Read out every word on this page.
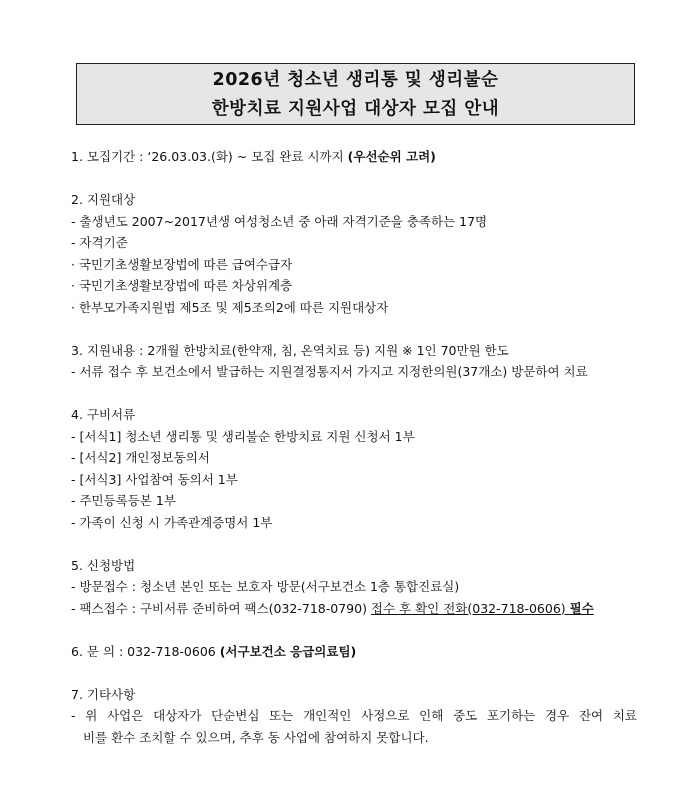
2026년 청소년 생리통 및 생리불순
한방치료 지원사업 대상자 모집 안내
1. 모집기간 : ‘26.03.03.(화) ~ 모집 완료 시까지 (우선순위 고려)
2. 지원대상
- 출생년도 2007~2017년생 여성청소년 중 아래 자격기준을 충족하는 17명
- 자격기준
· 국민기초생활보장법에 따른 급여수급자
· 국민기초생활보장법에 따른 차상위계층
· 한부모가족지원법 제5조 및 제5조의2에 따른 지원대상자
3. 지원내용 : 2개월 한방치료(한약재, 침, 온역치료 등) 지원 ※ 1인 70만원 한도
- 서류 접수 후 보건소에서 발급하는 지원결정통지서 가지고 지정한의원(37개소) 방문하여 치료
4. 구비서류
- [서식1] 청소년 생리통 및 생리불순 한방치료 지원 신청서 1부
- [서식2] 개인정보동의서
- [서식3] 사업참여 동의서 1부
- 주민등록등본 1부
- 가족이 신청 시 가족관계증명서 1부
5. 신청방법
- 방문접수 : 청소년 본인 또는 보호자 방문(서구보건소 1층 통합진료실)
- 팩스접수 : 구비서류 준비하여 팩스(032-718-0790) 접수 후 확인 전화(032-718-0606) 필수
6. 문 의 : 032-718-0606 (서구보건소 응급의료팀)
7. 기타사항
- 위 사업은 대상자가 단순변심 또는 개인적인 사정으로 인해 중도 포기하는 경우 잔여 치료
비를 환수 조치할 수 있으며, 추후 동 사업에 참여하지 못합니다.
